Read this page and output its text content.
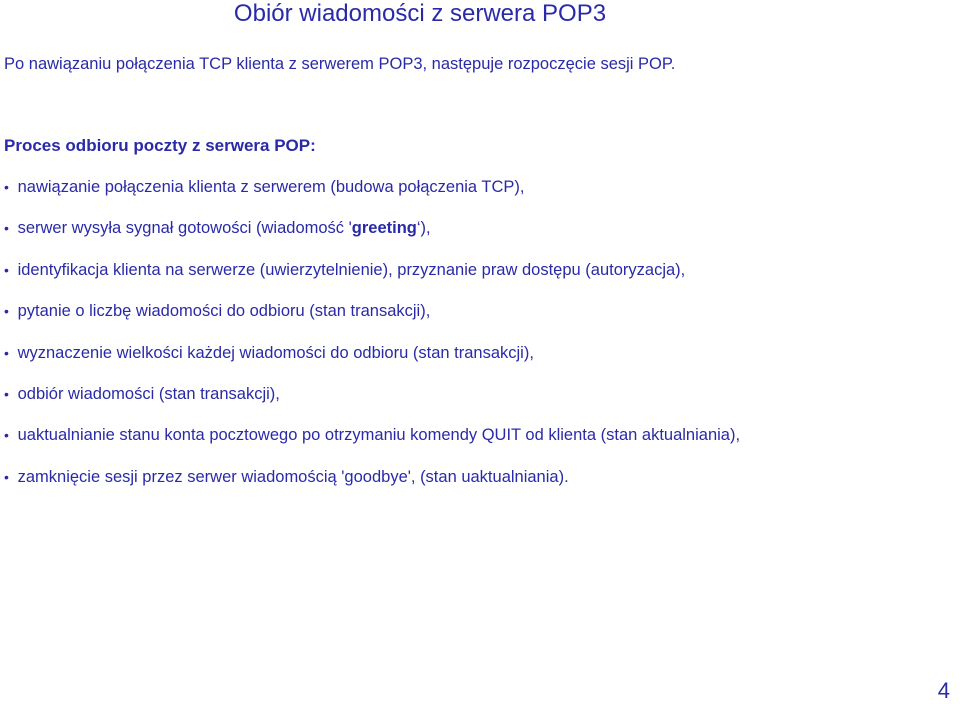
Obiór wiadomości z serwera POP3
Po nawiązaniu połączenia TCP klienta z serwerem POP3, następuje rozpoczęcie sesji POP.
Proces odbioru poczty z serwera POP:
• nawiązanie połączenia klienta z serwerem (budowa połączenia TCP),
• serwer wysyła sygnał gotowości (wiadomość 'greeting‘),
• identyfikacja klienta na serwerze (uwierzytelnienie), przyznanie praw dostępu (autoryzacja),
• pytanie o liczbę wiadomości do odbioru (stan transakcji),
• wyznaczenie wielkości każdej wiadomości do odbioru (stan transakcji),
• odbiór wiadomości (stan transakcji),
• uaktualnianie stanu konta pocztowego po otrzymaniu komendy QUIT od klienta (stan aktualniania),
• zamknięcie sesji przez serwer wiadomością 'goodbye', (stan uaktualniania).
4
